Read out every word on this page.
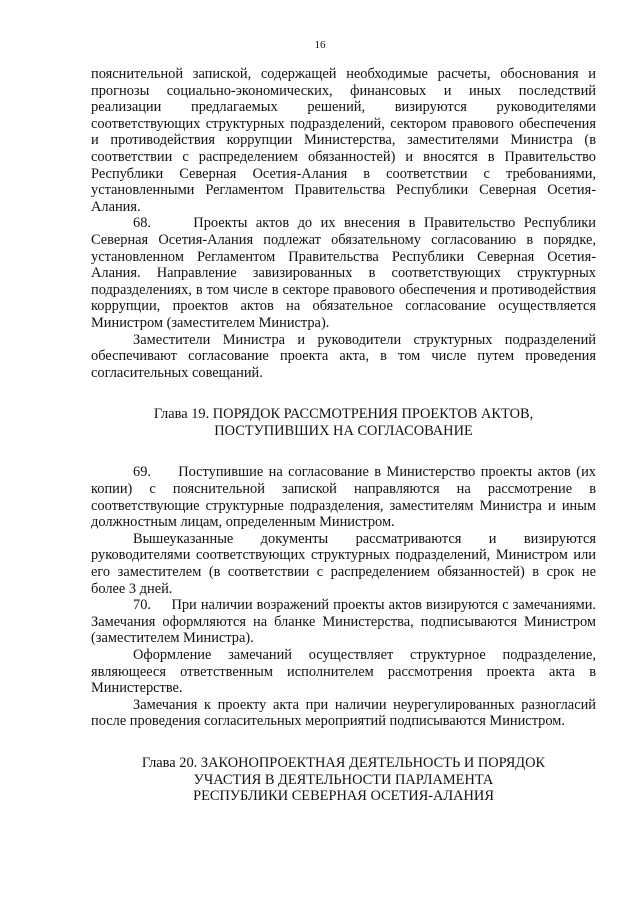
16

пояснительной запиской, содержащей необходимые расчеты, обоснования и прогнозы социально-экономических, финансовых и иных последствий реализации предлагаемых решений, визируются руководителями соответствующих структурных подразделений, сектором правового обеспечения и противодействия коррупции Министерства, заместителями Министра (в соответствии с распределением обязанностей) и вносятся в Правительство Республики Северная Осетия-Алания в соответствии с требованиями, установленными Регламентом Правительства Республики Северная Осетия-Алания.

68.     Проекты актов до их внесения в Правительство Республики Северная Осетия-Алания подлежат обязательному согласованию в порядке, установленном Регламентом Правительства Республики Северная Осетия-Алания. Направление завизированных в соответствующих структурных подразделениях, в том числе в секторе правового обеспечения и противодействия коррупции, проектов актов на обязательное согласование осуществляется Министром (заместителем Министра).

Заместители Министра и руководители структурных подразделений обеспечивают согласование проекта акта, в том числе путем проведения согласительных совещаний.

Глава 19. ПОРЯДОК РАССМОТРЕНИЯ ПРОЕКТОВ АКТОВ,
ПОСТУПИВШИХ НА СОГЛАСОВАНИЕ

69.     Поступившие на согласование в Министерство проекты актов (их копии) с пояснительной запиской направляются на рассмотрение в соответствующие структурные подразделения, заместителям Министра и иным должностным лицам, определенным Министром.

Вышеуказанные документы рассматриваются и визируются руководителями соответствующих структурных подразделений, Министром или его заместителем (в соответствии с распределением обязанностей) в срок не более 3 дней.

70.     При наличии возражений проекты актов визируются с замечаниями. Замечания оформляются на бланке Министерства, подписываются Министром (заместителем Министра).

Оформление замечаний осуществляет структурное подразделение, являющееся ответственным исполнителем рассмотрения проекта акта в Министерстве.

Замечания к проекту акта при наличии неурегулированных разногласий после проведения согласительных мероприятий подписываются Министром.

Глава 20. ЗАКОНОПРОЕКТНАЯ ДЕЯТЕЛЬНОСТЬ И ПОРЯДОК
УЧАСТИЯ В ДЕЯТЕЛЬНОСТИ ПАРЛАМЕНТА
РЕСПУБЛИКИ СЕВЕРНАЯ ОСЕТИЯ-АЛАНИЯ
